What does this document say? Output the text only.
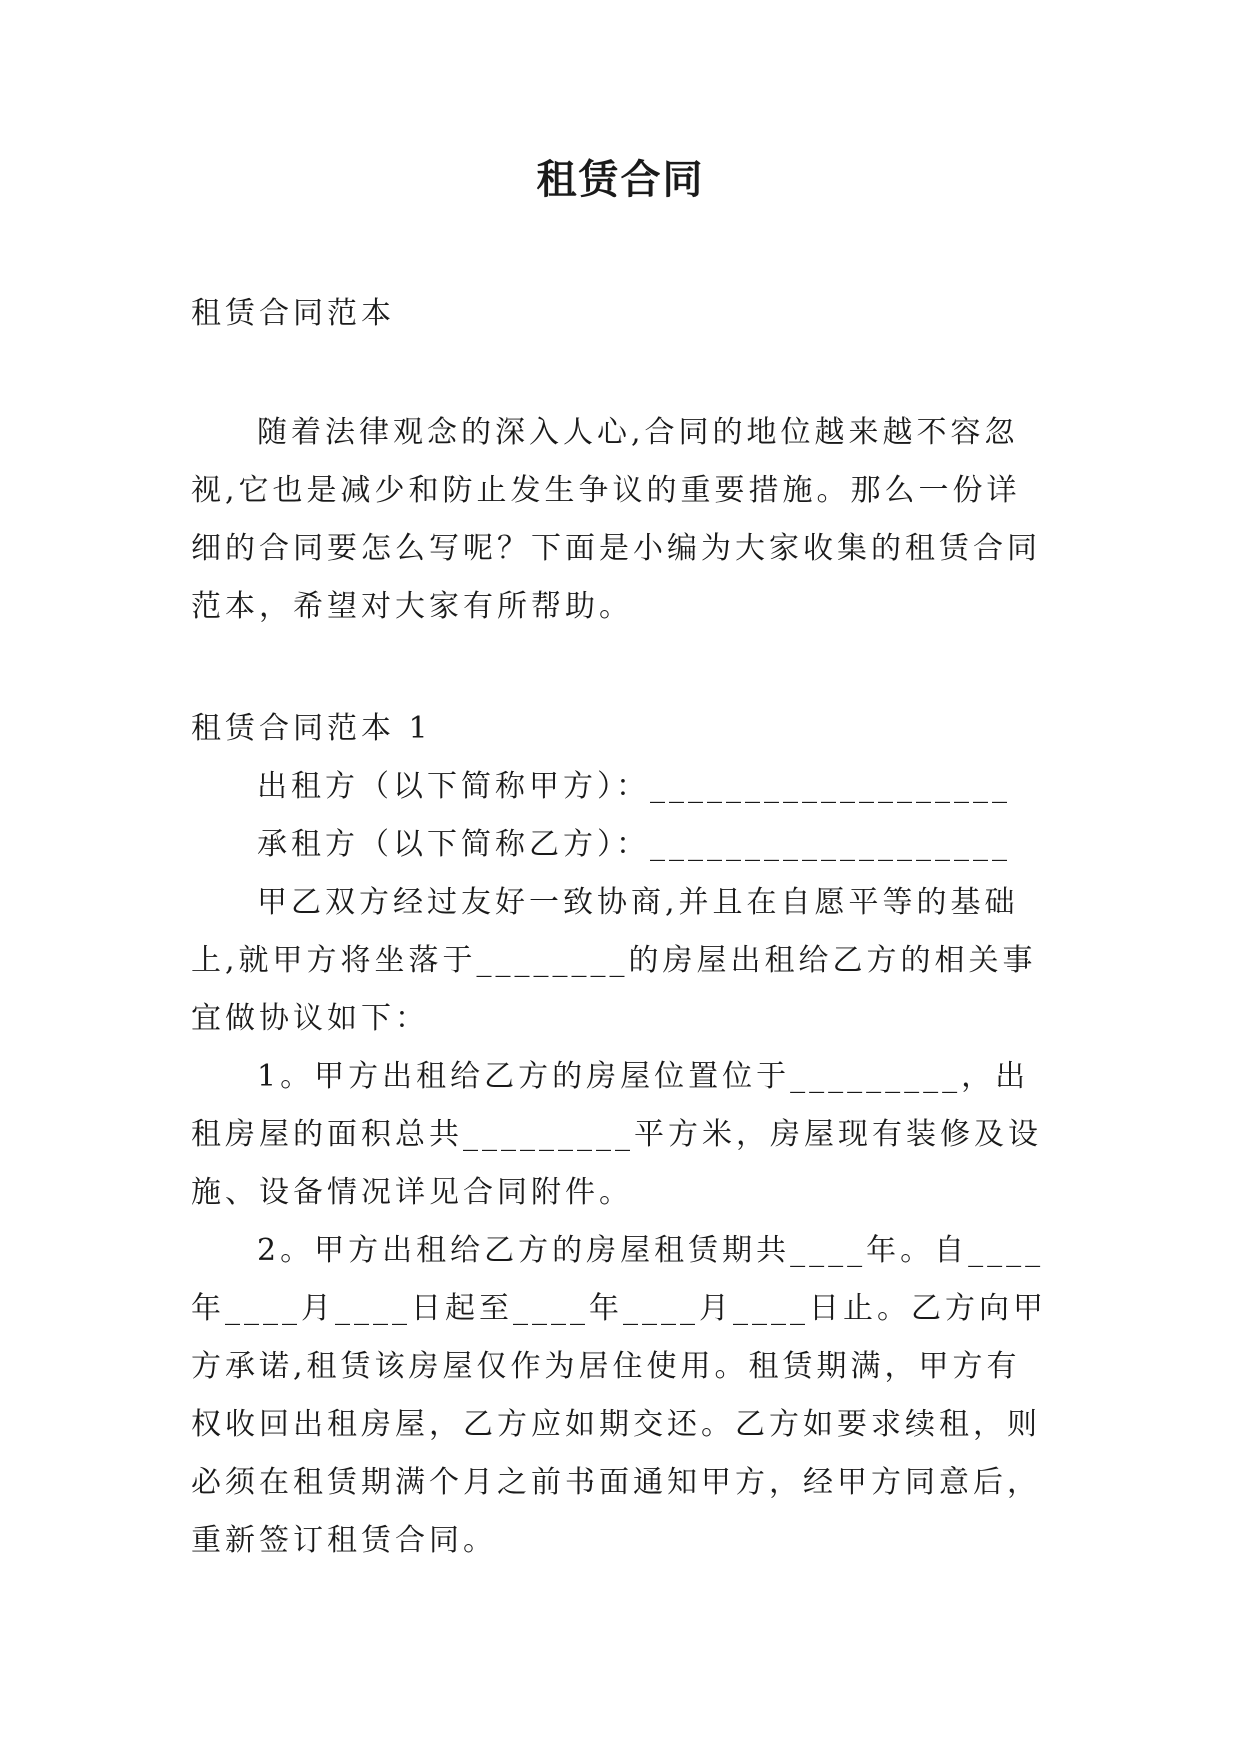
租赁合同

租赁合同范本

随着法律观念的深入人心,合同的地位越来越不容忽视,它也是减少和防止发生争议的重要措施。那么一份详细的合同要怎么写呢？下面是小编为大家收集的租赁合同范本，希望对大家有所帮助。

租赁合同范本 1

出租方（以下简称甲方）：___________________

承租方（以下简称乙方）：___________________

甲乙双方经过友好一致协商,并且在自愿平等的基础上,就甲方将坐落于________的房屋出租给乙方的相关事宜做协议如下：

1。甲方出租给乙方的房屋位置位于_________，出租房屋的面积总共_________平方米，房屋现有装修及设施、设备情况详见合同附件。

2。甲方出租给乙方的房屋租赁期共____年。自____年____月____日起至____年____月____日止。乙方向甲方承诺,租赁该房屋仅作为居住使用。租赁期满，甲方有权收回出租房屋，乙方应如期交还。乙方如要求续租，则必须在租赁期满个月之前书面通知甲方，经甲方同意后，重新签订租赁合同。
